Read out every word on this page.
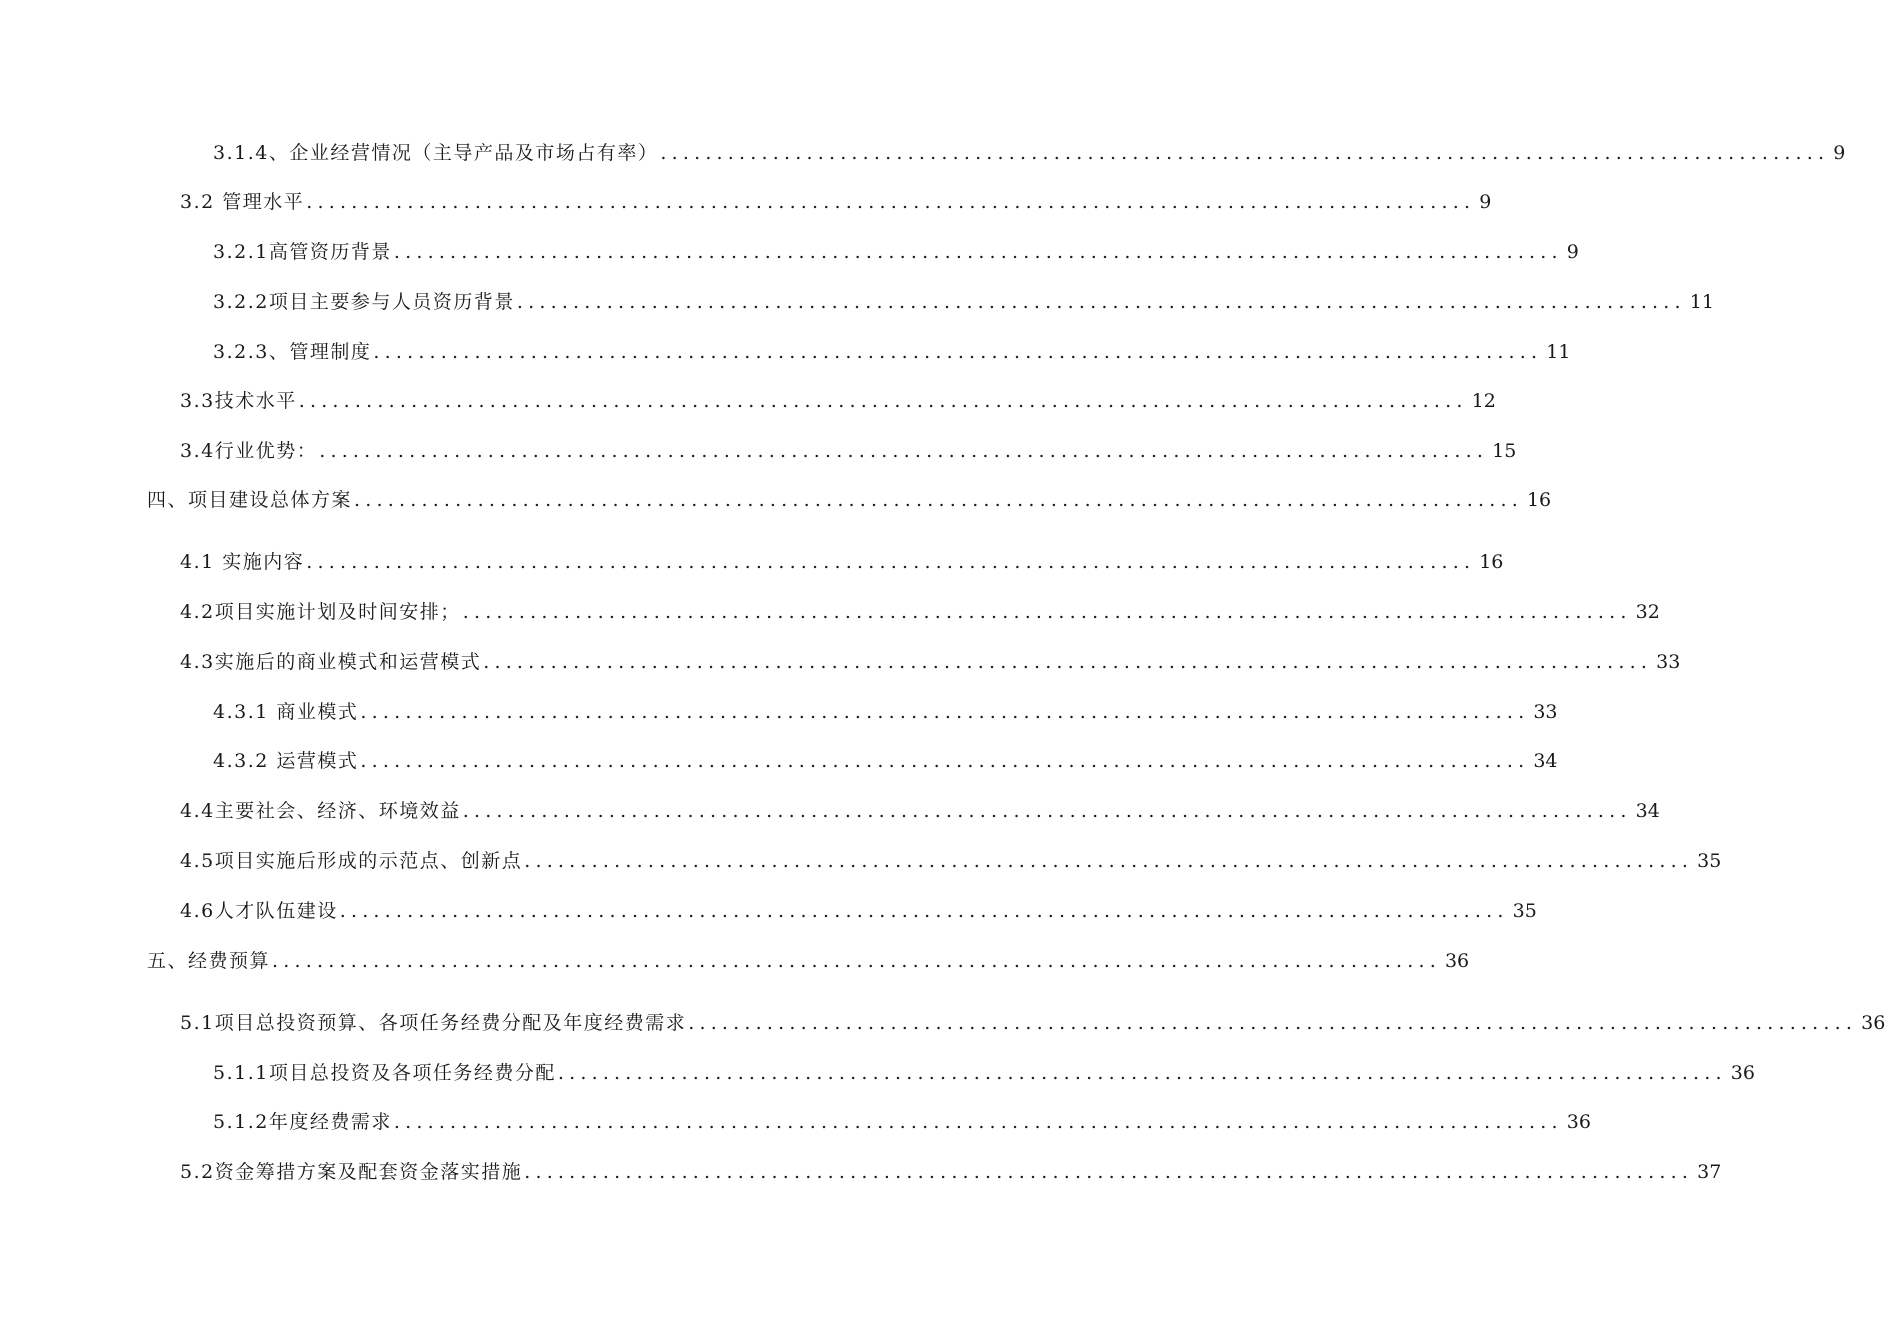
3.1.4、企业经营情况（主导产品及市场占有率） ........................................................................................................ 9
3.2 管理水平 ........................................................................................................ 9
3.2.1高管资历背景 ........................................................................................................ 9
3.2.2项目主要参与人员资历背景 ........................................................................................................ 11
3.2.3、管理制度 ........................................................................................................ 11
3.3技术水平 ........................................................................................................ 12
3.4行业优势： ........................................................................................................ 15
四、项目建设总体方案 ........................................................................................................ 16
4.1 实施内容 ........................................................................................................ 16
4.2项目实施计划及时间安排； ........................................................................................................ 32
4.3实施后的商业模式和运营模式 ........................................................................................................ 33
4.3.1 商业模式 ........................................................................................................ 33
4.3.2 运营模式 ........................................................................................................ 34
4.4主要社会、经济、环境效益 ........................................................................................................ 34
4.5项目实施后形成的示范点、创新点 ........................................................................................................ 35
4.6人才队伍建设 ........................................................................................................ 35
五、经费预算 ........................................................................................................ 36
5.1项目总投资预算、各项任务经费分配及年度经费需求 ........................................................................................................ 36
5.1.1项目总投资及各项任务经费分配 ........................................................................................................ 36
5.1.2年度经费需求 ........................................................................................................ 36
5.2资金筹措方案及配套资金落实措施 ........................................................................................................ 37
